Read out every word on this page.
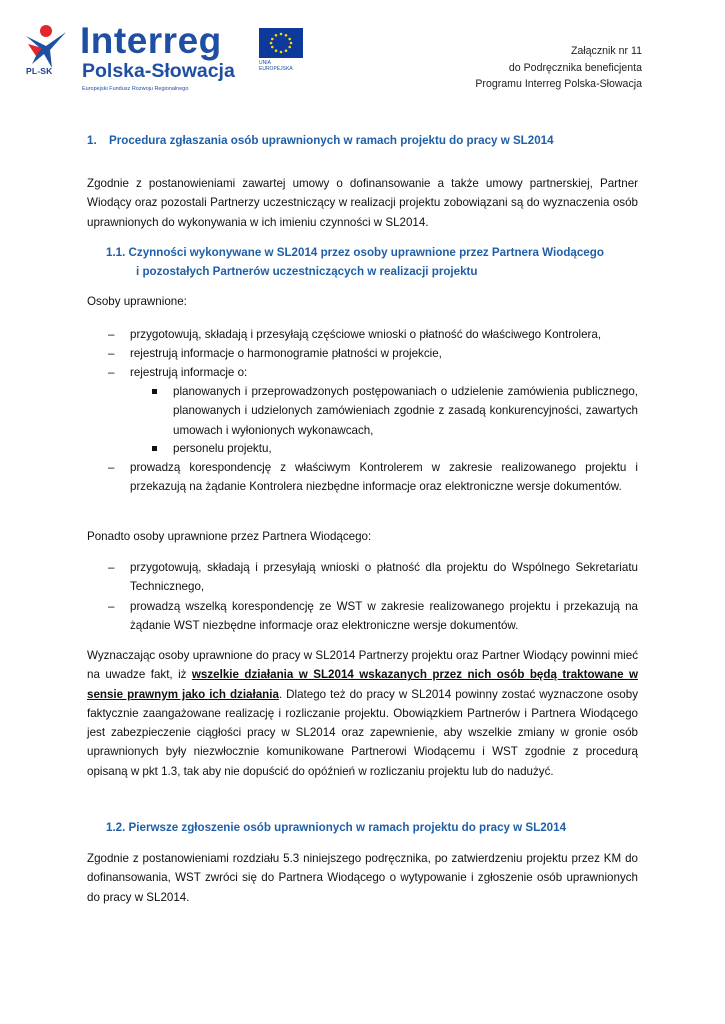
PL-SK
Interreg
Polska-Słowacja
Europejski Fundusz Rozwoju Regionalnego
UNIA EUROPEJSKA
Załącznik nr 11
do Podręcznika beneficjenta
Programu Interreg Polska-Słowacja
1. Procedura zgłaszania osób uprawnionych w ramach projektu do pracy w SL2014
Zgodnie z postanowieniami zawartej umowy o dofinansowanie a także umowy partnerskiej, Partner Wiodący oraz pozostali Partnerzy uczestniczący w realizacji projektu zobowiązani są do wyznaczenia osób uprawnionych do wykonywania w ich imieniu czynności w SL2014.
1.1. Czynności wykonywane w SL2014 przez osoby uprawnione przez Partnera Wiodącego
i pozostałych Partnerów uczestniczących w realizacji projektu
Osoby uprawnione:
– przygotowują, składają i przesyłają częściowe wnioski o płatność do właściwego Kontrolera,
– rejestrują informacje o harmonogramie płatności w projekcie,
– rejestrują informacje o:
planowanych i przeprowadzonych postępowaniach o udzielenie zamówienia publicznego, planowanych i udzielonych zamówieniach zgodnie z zasadą konkurencyjności, zawartych umowach i wyłonionych wykonawcach,
personelu projektu,
– prowadzą korespondencję z właściwym Kontrolerem w zakresie realizowanego projektu i przekazują na żądanie Kontrolera niezbędne informacje oraz elektroniczne wersje dokumentów.
Ponadto osoby uprawnione przez Partnera Wiodącego:
– przygotowują, składają i przesyłają wnioski o płatność dla projektu do Wspólnego Sekretariatu Technicznego,
– prowadzą wszelką korespondencję ze WST w zakresie realizowanego projektu i przekazują na żądanie WST niezbędne informacje oraz elektroniczne wersje dokumentów.
Wyznaczając osoby uprawnione do pracy w SL2014 Partnerzy projektu oraz Partner Wiodący powinni mieć na uwadze fakt, iż wszelkie działania w SL2014 wskazanych przez nich osób będą traktowane w sensie prawnym jako ich działania. Dlatego też do pracy w SL2014 powinny zostać wyznaczone osoby faktycznie zaangażowane realizację i rozliczanie projektu. Obowiązkiem Partnerów i Partnera Wiodącego jest zabezpieczenie ciągłości pracy w SL2014 oraz zapewnienie, aby wszelkie zmiany w gronie osób uprawnionych były niezwłocznie komunikowane Partnerowi Wiodącemu i WST zgodnie z procedurą opisaną w pkt 1.3, tak aby nie dopuścić do opóźnień w rozliczaniu projektu lub do nadużyć.
1.2. Pierwsze zgłoszenie osób uprawnionych w ramach projektu do pracy w SL2014
Zgodnie z postanowieniami rozdziału 5.3 niniejszego podręcznika, po zatwierdzeniu projektu przez KM do dofinansowania, WST zwróci się do Partnera Wiodącego o wytypowanie i zgłoszenie osób uprawnionych do pracy w SL2014.
